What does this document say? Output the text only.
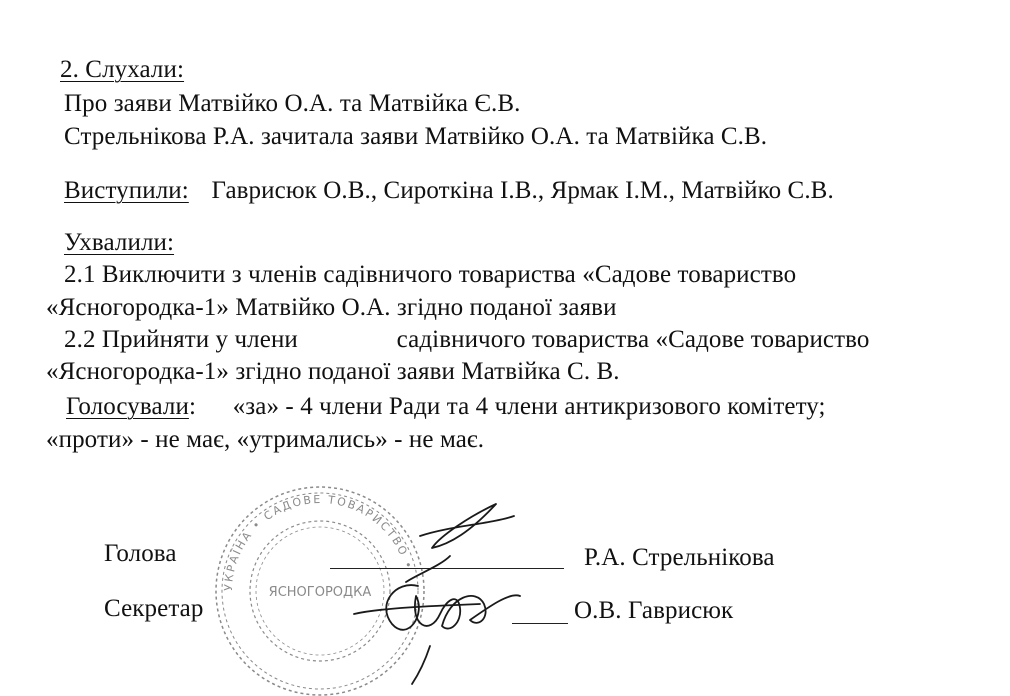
2. Слухали:
Про заяви Матвійко О.А. та Матвійка Є.В.
Стрельнікова Р.А. зачитала заяви Матвійко О.А. та Матвійка С.В.
Виступили: Гаврисюк О.В., Сироткіна І.В., Ярмак І.М., Матвійко С.В.
Ухвалили:
2.1 Виключити з членів садівничого товариства «Садове товариство
«Ясногородка-1» Матвійко О.А. згідно поданої заяви
2.2 Прийняти у члени	садівничого товариства «Садове товариство
«Ясногородка-1» згідно поданої заяви Матвійка С. В.
Голосували: «за» - 4 члени Ради та 4 члени антикризового комітету;
«проти» - не має, «утримались» - не має.
УКРАЇНА • САДОВЕ ТОВАРИСТВО •
ЯСНОГОРОДКА
Голова	Р.А. Стрельнікова
Секретар	О.В. Гаврисюк
